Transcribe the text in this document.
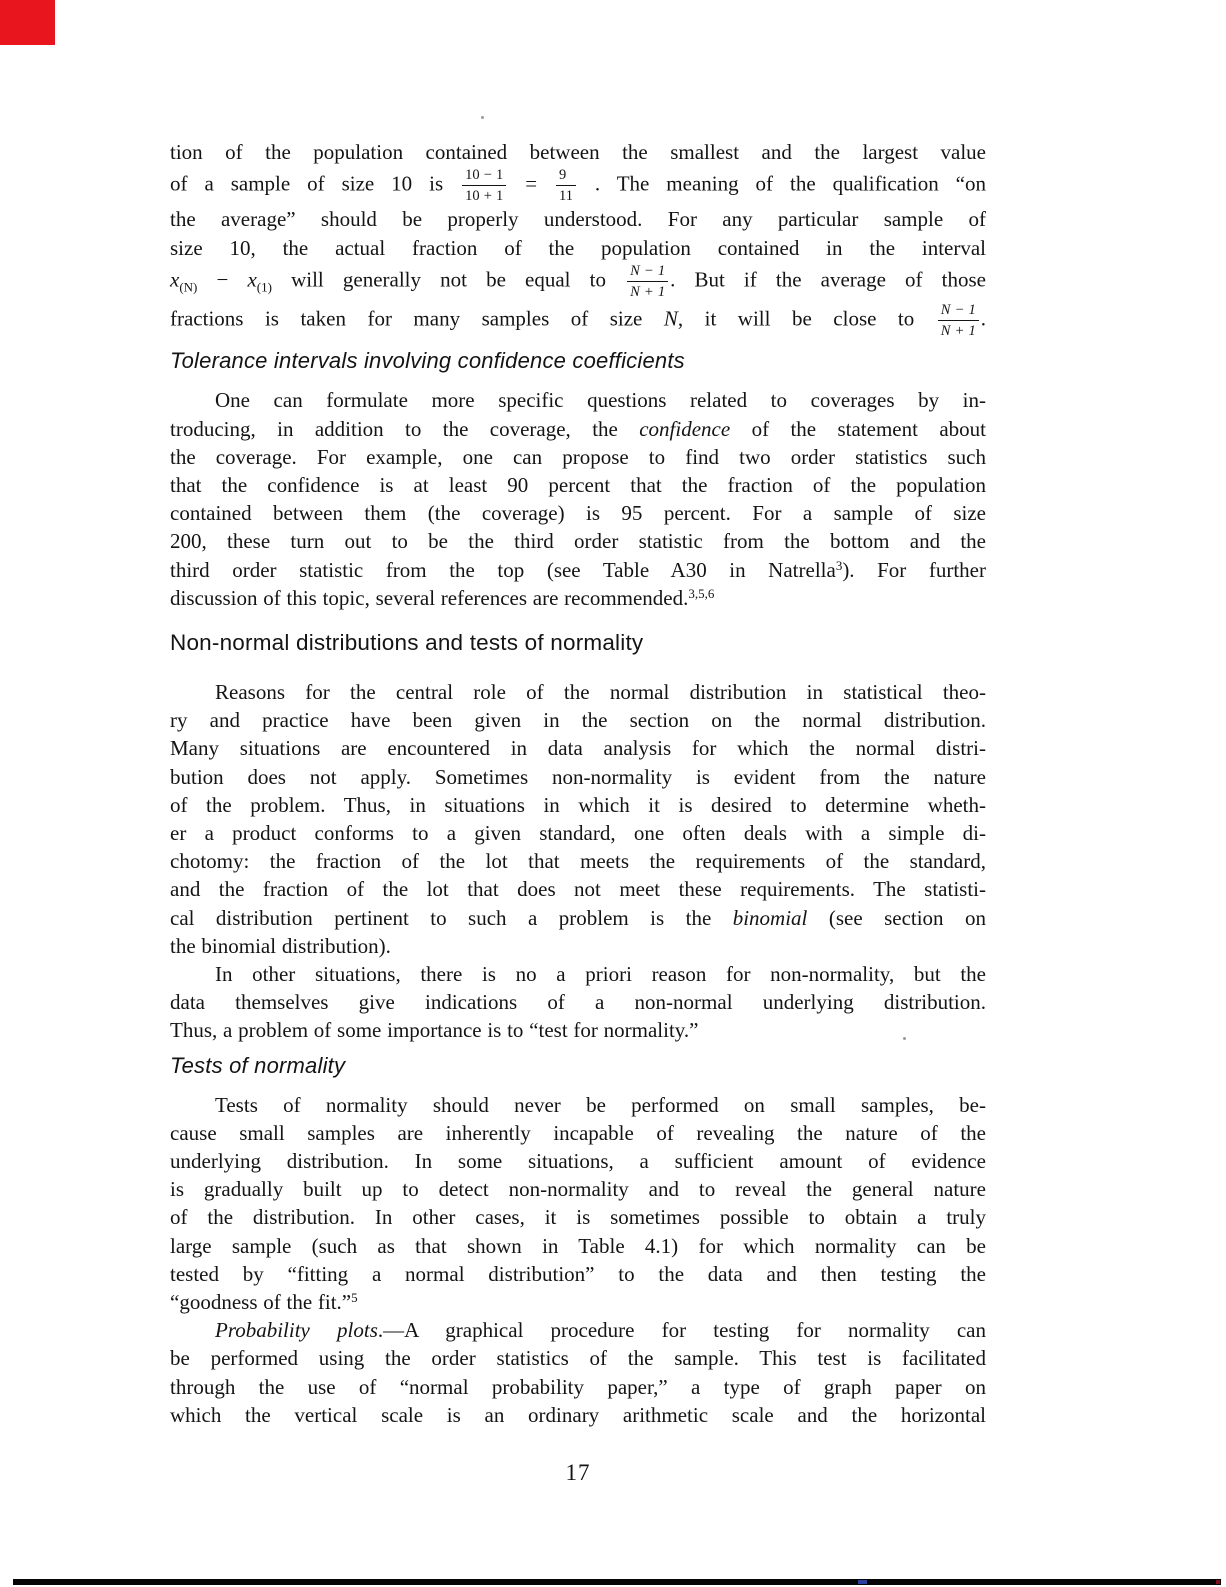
tion of the population contained between the smallest and the largest value
of a sample of size 10 is $\frac{10 - 1}{10 + 1} = \frac{9}{11}$ . The meaning of the qualification “on
the average” should be properly understood. For any particular sample of
size 10, the actual fraction of the population contained in the interval
$x_{(N)} - x_{(1)}$ will generally not be equal to $\frac{N - 1}{N + 1}$ . But if the average of those
fractions is taken for many samples of size N, it will be close to $\frac{N - 1}{N + 1}$ .
Tolerance intervals involving confidence coefficients
One can formulate more specific questions related to coverages by in-
troducing, in addition to the coverage, the confidence of the statement about
the coverage. For example, one can propose to find two order statistics such
that the confidence is at least 90 percent that the fraction of the population
contained between them (the coverage) is 95 percent. For a sample of size
200, these turn out to be the third order statistic from the bottom and the
third order statistic from the top (see Table A30 in Natrella$^3$). For further
discussion of this topic, several references are recommended.$^{3,5,6}$
Non-normal distributions and tests of normality
Reasons for the central role of the normal distribution in statistical theo-
ry and practice have been given in the section on the normal distribution.
Many situations are encountered in data analysis for which the normal distri-
bution does not apply. Sometimes non-normality is evident from the nature
of the problem. Thus, in situations in which it is desired to determine wheth-
er a product conforms to a given standard, one often deals with a simple di-
chotomy: the fraction of the lot that meets the requirements of the standard,
and the fraction of the lot that does not meet these requirements. The statisti-
cal distribution pertinent to such a problem is the binomial (see section on
the binomial distribution).
In other situations, there is no a priori reason for non-normality, but the
data themselves give indications of a non-normal underlying distribution.
Thus, a problem of some importance is to “test for normality.”
Tests of normality
Tests of normality should never be performed on small samples, be-
cause small samples are inherently incapable of revealing the nature of the
underlying distribution. In some situations, a sufficient amount of evidence
is gradually built up to detect non-normality and to reveal the general nature
of the distribution. In other cases, it is sometimes possible to obtain a truly
large sample (such as that shown in Table 4.1) for which normality can be
tested by “fitting a normal distribution” to the data and then testing the
“goodness of the fit.”$^5$
Probability plots.—A graphical procedure for testing for normality can
be performed using the order statistics of the sample. This test is facilitated
through the use of “normal probability paper,” a type of graph paper on
which the vertical scale is an ordinary arithmetic scale and the horizontal
17
